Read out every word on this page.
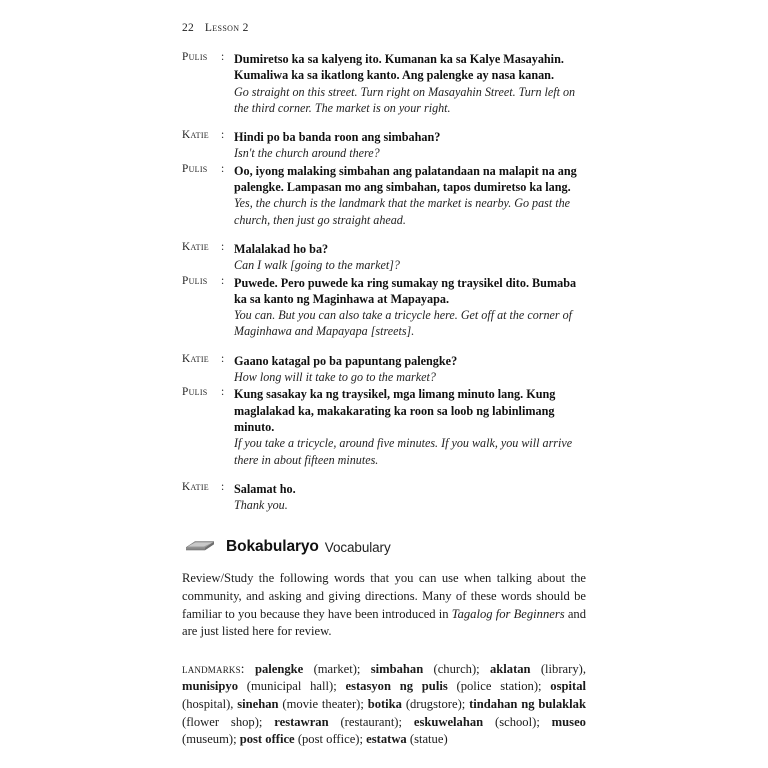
22 Lesson 2
Pulis	: Dumiretso ka sa kalyeng ito. Kumanan ka sa Kalye Masayahin. Kumaliwa ka sa ikatlong kanto. Ang palengke ay nasa kanan.
Go straight on this street. Turn right on Masayahin Street. Turn left on the third corner. The market is on your right.
Katie	: Hindi po ba banda roon ang simbahan?
Isn't the church around there?
Pulis	: Oo, iyong malaking simbahan ang palatandaan na malapit na ang palengke. Lampasan mo ang simbahan, tapos dumiretso ka lang.
Yes, the church is the landmark that the market is nearby. Go past the church, then just go straight ahead.
Katie	: Malalakad ho ba?
Can I walk [going to the market]?
Pulis	: Puwede. Pero puwede ka ring sumakay ng traysikel dito. Bumaba ka sa kanto ng Maginhawa at Mapayapa.
You can. But you can also take a tricycle here. Get off at the corner of Maginhawa and Mapayapa [streets].
Katie	: Gaano katagal po ba papuntang palengke?
How long will it take to go to the market?
Pulis	: Kung sasakay ka ng traysikel, mga limang minuto lang. Kung maglalakad ka, makakarating ka roon sa loob ng labinlimang minuto.
If you take a tricycle, around five minutes. If you walk, you will arrive there in about fifteen minutes.
Katie	: Salamat ho.
Thank you.
Bokabularyo Vocabulary

Review/Study the following words that you can use when talking about the community, and asking and giving directions. Many of these words should be familiar to you because they have been introduced in Tagalog for Beginners and are just listed here for review.

landmarks: palengke (market); simbahan (church); aklatan (library), munisipyo (municipal hall); estasyon ng pulis (police station); ospital (hospital), sinehan (movie theater); botika (drugstore); tindahan ng bulaklak (flower shop); restawran (restaurant); eskuwelahan (school); museo (museum); post office (post office); estatwa (statue)
